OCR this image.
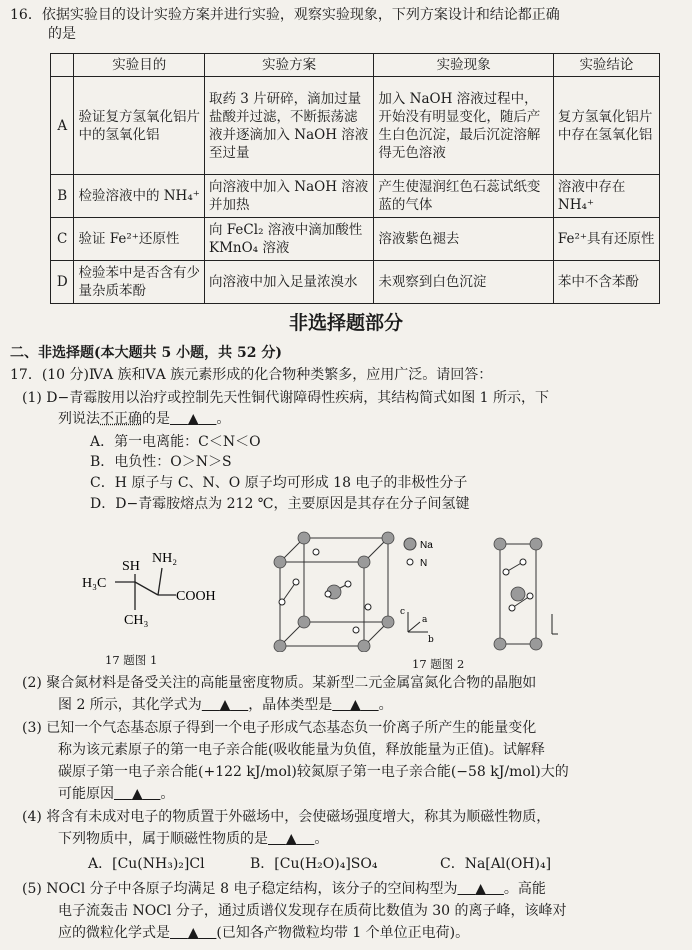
16．依据实验目的设计实验方案并进行实验，观察实验现象，下列方案设计和结论都正确
的是
	实验目的	实验方案	实验现象	实验结论
A	验证复方氢氧化铝片中的氢氧化铝	取药 3 片研碎，滴加过量盐酸并过滤，不断振荡滤液并逐滴加入 NaOH 溶液至过量	加入 NaOH 溶液过程中，开始没有明显变化，随后产生白色沉淀，最后沉淀溶解得无色溶液	复方氢氧化铝片中存在氢氧化铝
B	检验溶液中的 NH₄⁺	向溶液中加入 NaOH 溶液并加热	产生使湿润红色石蕊试纸变蓝的气体	溶液中存在 NH₄⁺
C	验证 Fe²⁺还原性	向 FeCl₂ 溶液中滴加酸性 KMnO₄ 溶液	溶液紫色褪去	Fe²⁺具有还原性
D	检验苯中是否含有少量杂质苯酚	向溶液中加入足量浓溴水	未观察到白色沉淀	苯中不含苯酚
非选择题部分
二、非选择题(本大题共 5 小题，共 52 分)
17．(10 分)ⅣA 族和ⅤA 族元素形成的化合物种类繁多，应用广泛。请回答：
(1) D−青霉胺用以治疗或控制先天性铜代谢障碍性疾病，其结构简式如图 1 所示，下
列说法不正确的是 ▲ 。
A．第一电离能：C＜N＜O
B．电负性：O＞N＞S
C．H 原子与 C、N、O 原子均可形成 18 电子的非极性分子
D．D−青霉胺熔点为 212 ℃，主要原因是其存在分子间氢键
SH
NH₂
H₃C
COOH
CH₃
17 题图 1
Na
N
c
a
b
17 题图 2
(2) 聚合氮材料是备受关注的高能量密度物质。某新型二元金属富氮化合物的晶胞如
图 2 所示，其化学式为 ▲ ，晶体类型是 ▲ 。
(3) 已知一个气态基态原子得到一个电子形成气态基态负一价离子所产生的能量变化
称为该元素原子的第一电子亲合能(吸收能量为负值，释放能量为正值)。试解释
碳原子第一电子亲合能(+122 kJ/mol)较氮原子第一电子亲合能(−58 kJ/mol)大的
可能原因 ▲ 。
(4) 将含有未成对电子的物质置于外磁场中，会使磁场强度增大，称其为顺磁性物质，
下列物质中，属于顺磁性物质的是 ▲ 。
A．[Cu(NH₃)₂]Cl	B．[Cu(H₂O)₄]SO₄	C．Na[Al(OH)₄]
(5) NOCl 分子中各原子均满足 8 电子稳定结构，该分子的空间构型为 ▲ 。高能
电子流轰击 NOCl 分子，通过质谱仪发现存在质荷比数值为 30 的离子峰，该峰对
应的微粒化学式是 ▲ (已知各产物微粒均带 1 个单位正电荷)。
